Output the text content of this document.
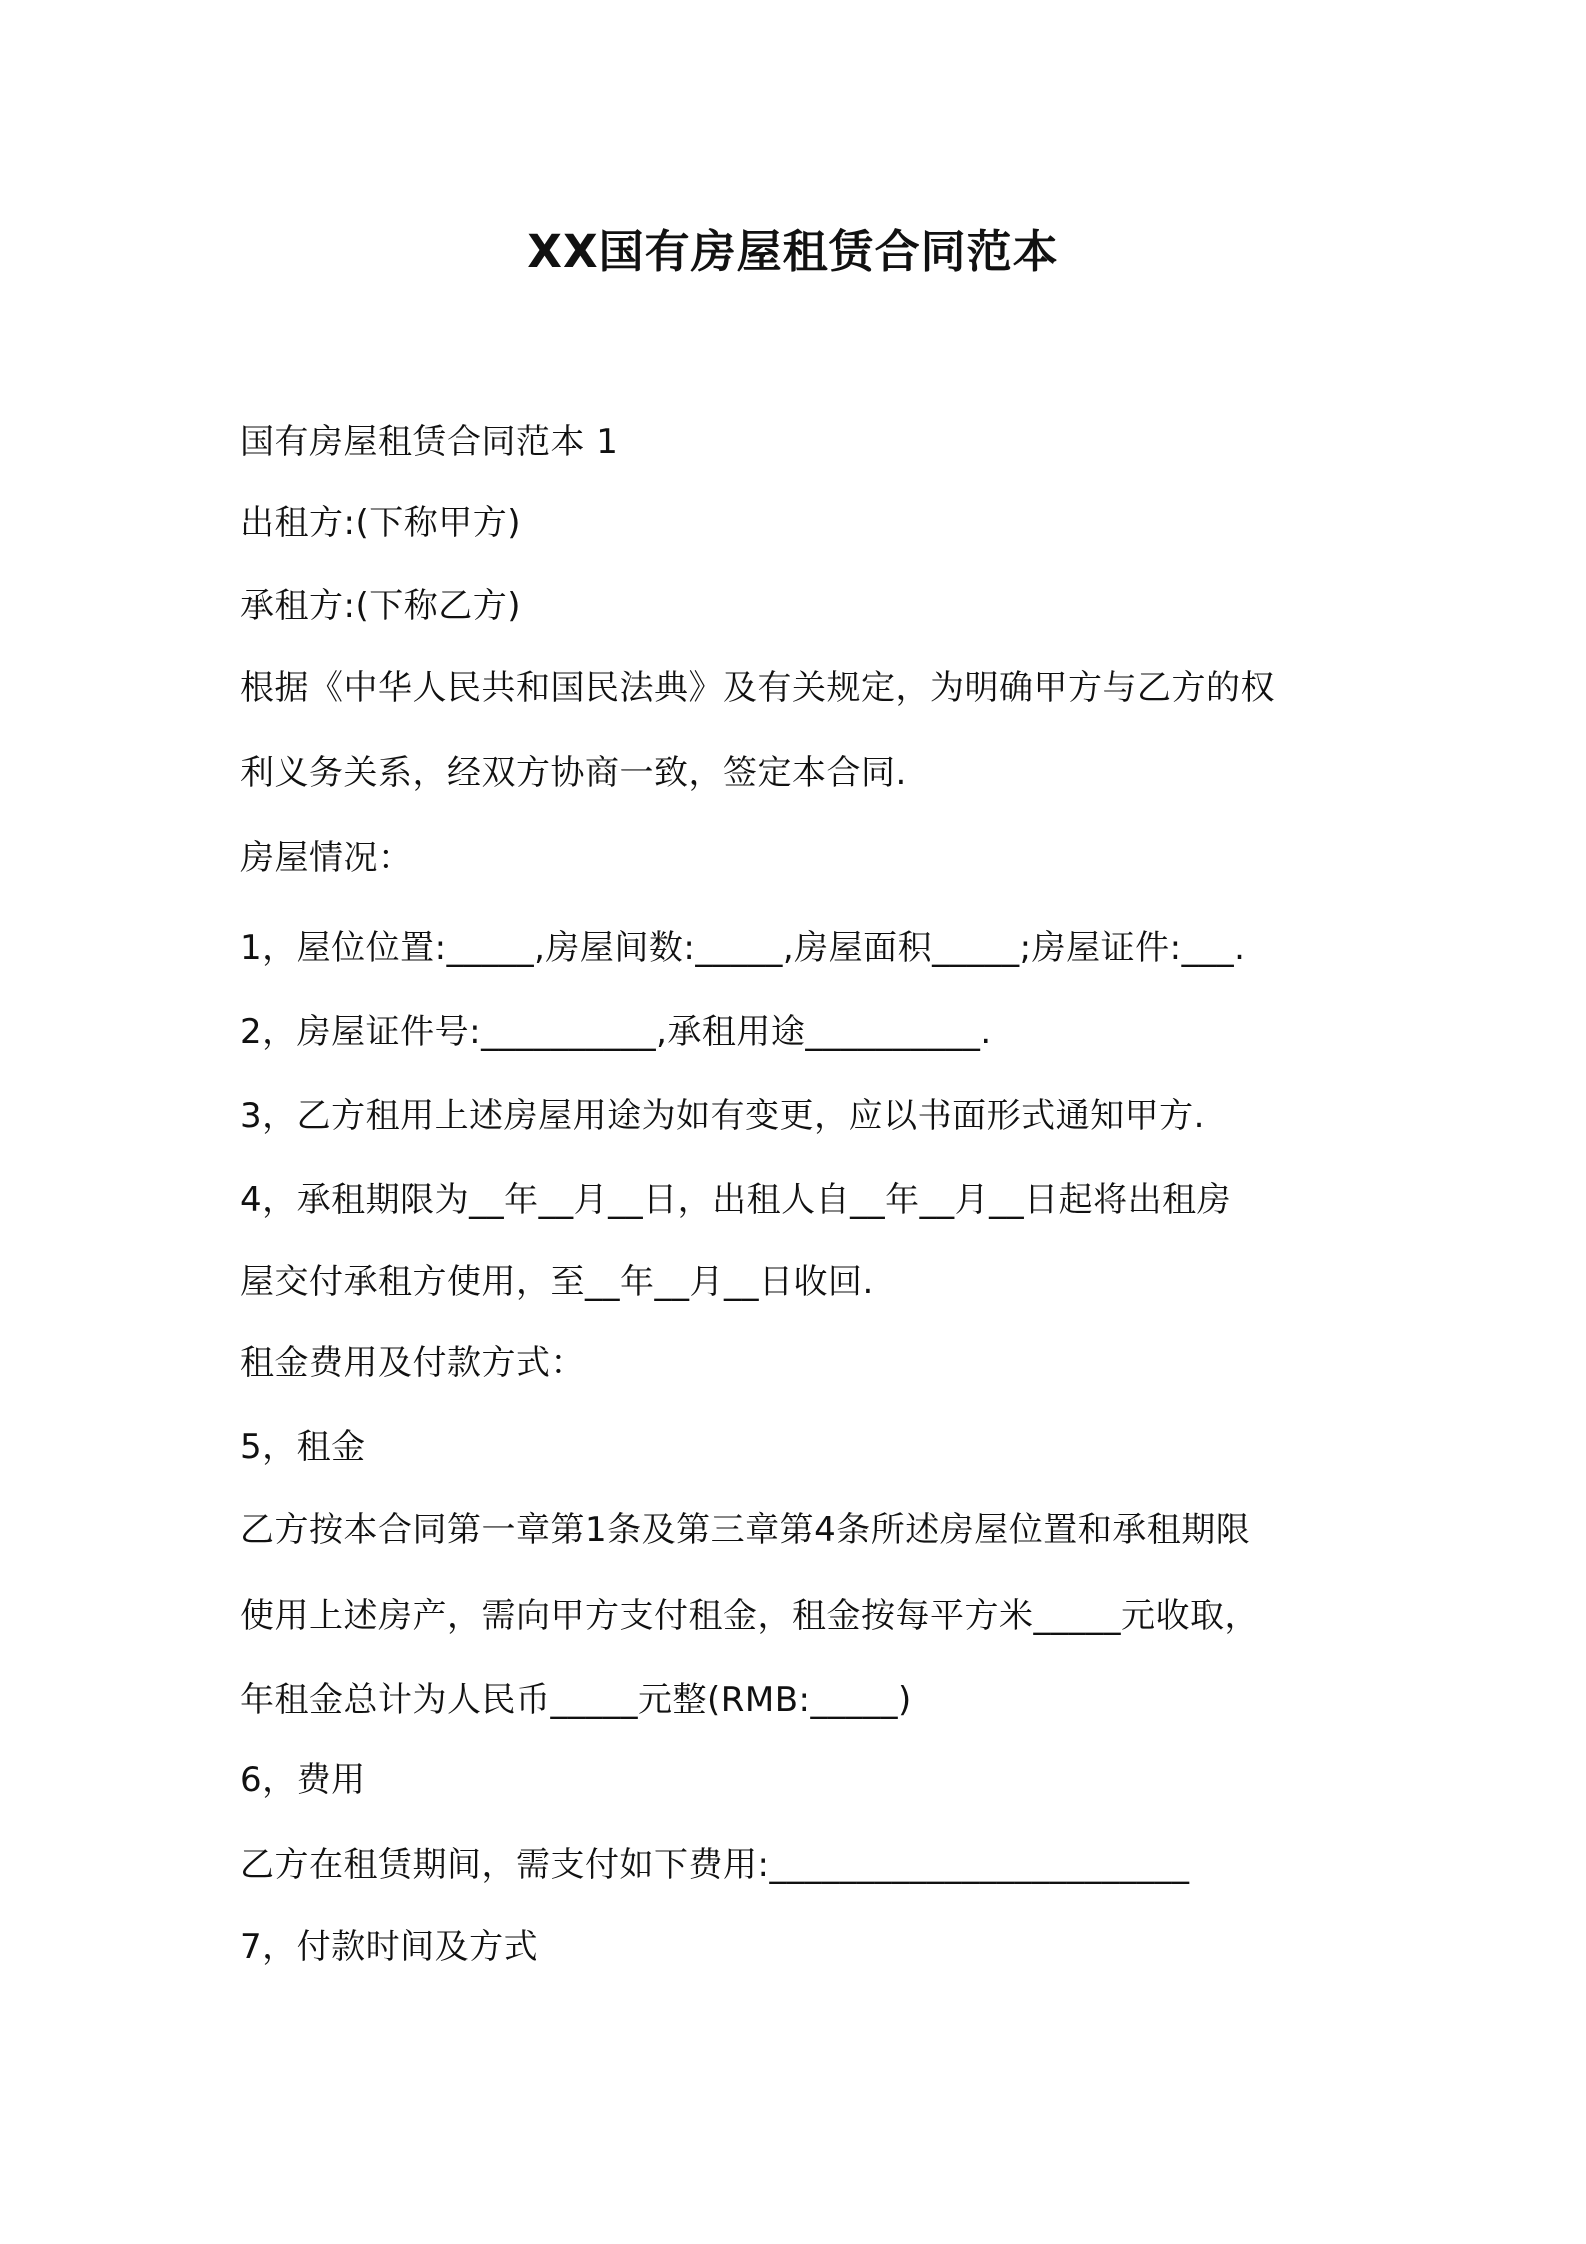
XX国有房屋租赁合同范本
国有房屋租赁合同范本 1
出租方:(下称甲方)
承租方:(下称乙方)
根据《中华人民共和国民法典》及有关规定，为明确甲方与乙方的权
利义务关系，经双方协商一致，签定本合同.
房屋情况：
1，屋位位置:_____,房屋间数:_____,房屋面积_____;房屋证件:___.
2，房屋证件号:__________,承租用途__________.
3，乙方租用上述房屋用途为如有变更，应以书面形式通知甲方.
4，承租期限为__年__月__日，出租人自__年__月__日起将出租房
屋交付承租方使用，至__年__月__日收回.
租金费用及付款方式：
5，租金
乙方按本合同第一章第1条及第三章第4条所述房屋位置和承租期限
使用上述房产，需向甲方支付租金，租金按每平方米_____元收取，
年租金总计为人民币_____元整(RMB:_____)
6，费用
乙方在租赁期间，需支付如下费用:________________________
7，付款时间及方式
